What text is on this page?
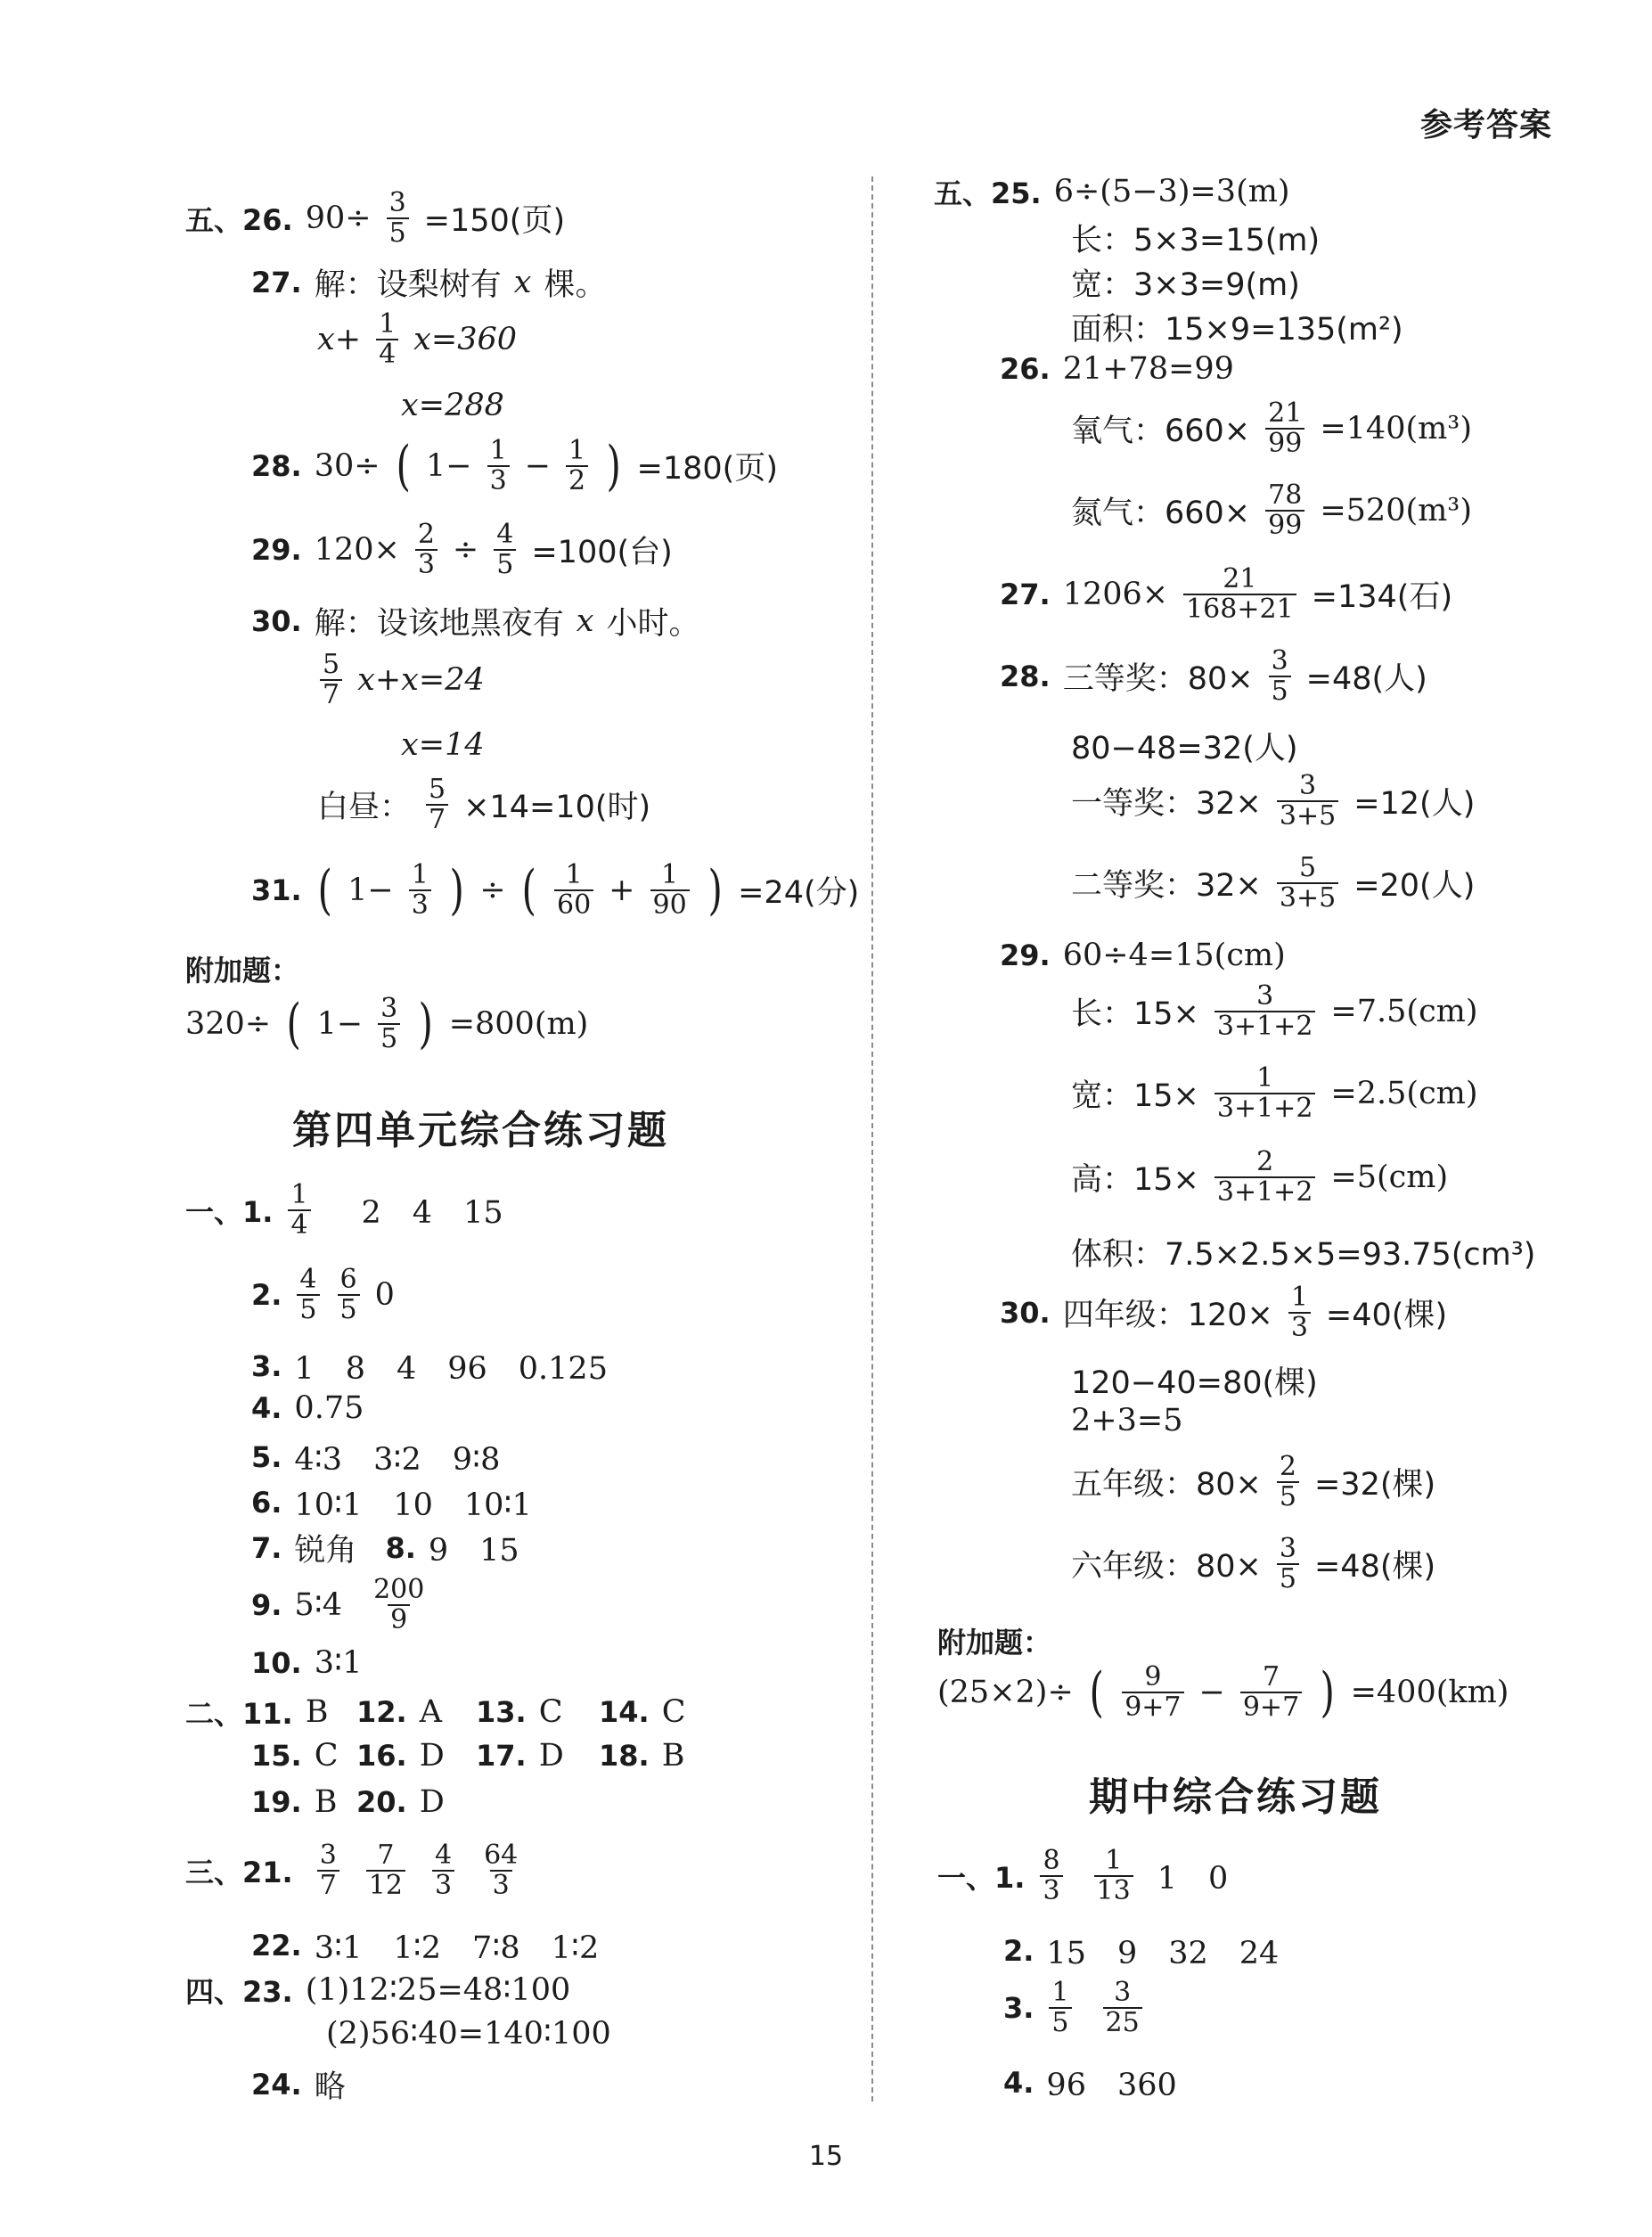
参考答案
五、26. $90\div \frac{3}{5} =150$(页)
27. 解：设梨树有 x 棵。
$x+ \frac{1}{4} x=360$
x=288
28. 30÷ ( $1- \frac{1}{3} - \frac{1}{2}$ ) =180(页)
29. $120\times \frac{2}{3} \div \frac{4}{5} =100$(台)
30. 解：设该地黑夜有 x 小时。
$\frac{5}{7} x+x=24$
x=14
白昼： $\frac{5}{7} \times 14=10$(时)
31. ( $1- \frac{1}{3}$ ) ÷ ( $\frac{1}{60} + \frac{1}{90}$ ) =24(分)
附加题：
320÷ ( $1- \frac{3}{5}$ ) =800(m)
第四单元综合练习题
一、1. $\frac{1}{4} 2$　4　15
2. $\frac{4}{5} \frac{6}{5} 0$
3. 1　8　4　96　0.125
4. 0.75
5. 4∶3　3∶2　9∶8
6. 10∶1　10　10∶1
7. 锐角 8. 9　15
9. 5∶4 $\frac{200}{9}$
10. 3∶1
二、11. B 12. A 13. C 14. C
15. C 16. D 17. D 18. B
19. B 20. D
三、21. $\frac{3}{7} \frac{7}{12} \frac{4}{3} \frac{64}{3}$
22. 3∶1　1∶2　7∶8　1∶2
四、23. (1)12∶25=48∶100
(2)56∶40=140∶100
24. 略
五、25. 6÷(5−3)=3(m)
长：5×3=15(m)
宽：3×3=9(m)
面积：15×9=135(m²)
26. 21+78=99
氧气：$660\times \frac{21}{99} =140(m^3)$
氮气：$660\times \frac{78}{99} =520(m^3)$
27. $1206\times \frac{21}{168+21} =134$(石)
28. 三等奖：$80\times \frac{3}{5} =48$(人)
80−48=32(人)
一等奖：$32\times \frac{3}{3+5} =12$(人)
二等奖：$32\times \frac{5}{3+5} =20$(人)
29. 60÷4=15(cm)
长：$15\times \frac{3}{3+1+2} =7.5(cm)$
宽：$15\times \frac{1}{3+1+2} =2.5(cm)$
高：$15\times \frac{2}{3+1+2} =5(cm)$
体积：7.5×2.5×5=93.75(cm³)
30. 四年级：$120\times \frac{1}{3} =40$(棵)
120−40=80(棵)
2+3=5
五年级：$80\times \frac{2}{5} =32$(棵)
六年级：$80\times \frac{3}{5} =48$(棵)
附加题：
(25×2)÷ ( $\frac{9}{9+7} - \frac{7}{9+7}$ ) =400(km)
期中综合练习题
一、1. $\frac{8}{3} \frac{1}{13} 1$　0
2. 15　9　32　24
3. $\frac{1}{5} \frac{3}{25}$
4. 96　360
15
